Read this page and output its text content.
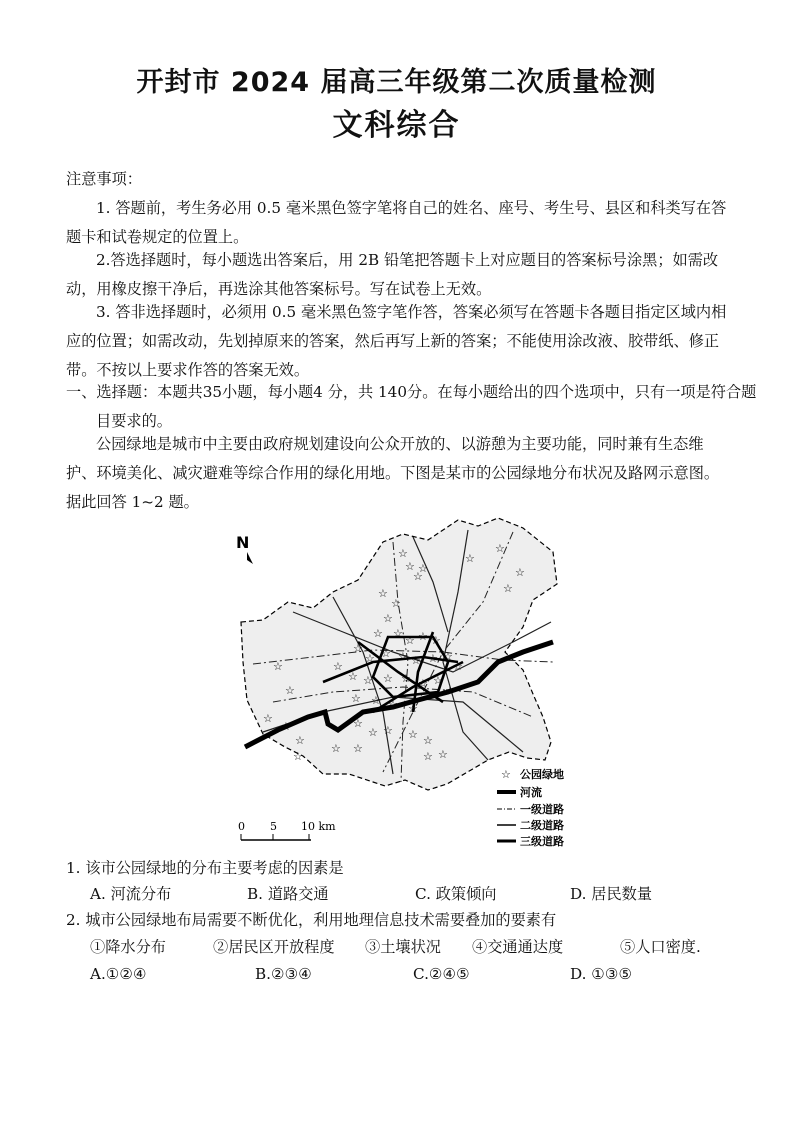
开封市 2024 届高三年级第二次质量检测
文科综合
注意事项：
1. 答题前，考生务必用 0.5 毫米黑色签字笔将自己的姓名、座号、考生号、县区和科类写在答题卡和试卷规定的位置上。
2.答选择题时，每小题选出答案后，用 2B 铅笔把答题卡上对应题目的答案标号涂黑；如需改动，用橡皮擦干净后，再选涂其他答案标号。写在试卷上无效。
3. 答非选择题时，必须用 0.5 毫米黑色签字笔作答，答案必须写在答题卡各题目指定区域内相应的位置；如需改动，先划掉原来的答案，然后再写上新的答案；不能使用涂改液、胶带纸、修正带。不按以上要求作答的答案无效。
一、选择题：本题共35小题，每小题4 分，共 140分。在每小题给出的四个选项中，只有一项是符合题目要求的。
公园绿地是城市中主要由政府规划建设向公众开放的、以游憩为主要功能，同时兼有生态维护、环境美化、减灾避难等综合作用的绿化用地。下图是某市的公园绿地分布状况及路网示意图。据此回答 1~2 题。
☆
☆ ☆
☆
☆
☆
☆
☆
☆
☆
☆
☆ ☆
☆ ☆ ☆
☆
☆ ☆ ☆ ☆ ☆ ☆
☆
☆
☆ ☆ ☆ ☆ ☆ ☆
☆
☆
☆
☆
☆
☆ ☆ ☆ ☆
☆
☆ ☆
☆ ☆
☆
☆
☆ ☆
☆
☆
N
0 5 10 km
☆ 公园绿地
河流
一级道路
二级道路
三级道路
1. 该市公园绿地的分布主要考虑的因素是
A. 河流分布	B. 道路交通	C. 政策倾向	D. 居民数量
2. 城市公园绿地布局需要不断优化，利用地理信息技术需要叠加的要素有
①降水分布	②居民区开放程度 ③土壤状况 ④交通通达度	⑤人口密度.
A.①②④	B.②③④	C.②④⑤	D. ①③⑤
